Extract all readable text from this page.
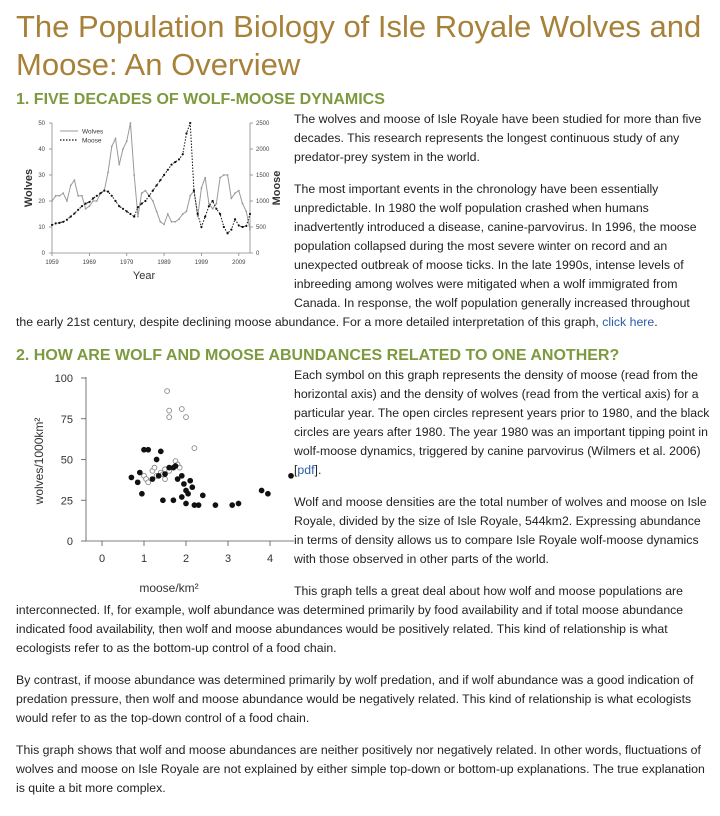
The Population Biology of Isle Royale Wolves and Moose: An Overview
1. FIVE DECADES OF WOLF-MOOSE DYNAMICS
0
10
20
30
40
50
0
500
1000
1500
2000
2500
1959	1969	1979	1989	1999	2009
Wolves
Moose
Wolves	Moose
Year

The wolves and moose of Isle Royale have been studied for more than five decades. This research represents the longest continuous study of any predator-prey system in the world.

The most important events in the chronology have been essentially unpredictable. In 1980 the wolf population crashed when humans inadvertently introduced a disease, canine-parvovirus. In 1996, the moose population collapsed during the most severe winter on record and an unexpected outbreak of moose ticks. In the late 1990s, intense levels of inbreeding among wolves were mitigated when a wolf immigrated from Canada. In response, the wolf population generally increased throughout the early 21st century, despite declining moose abundance. For a more detailed interpretation of this graph, click here.

2. HOW ARE WOLF AND MOOSE ABUNDANCES RELATED TO ONE ANOTHER?
0
25
50
75
100
0	1	2	3	4
wolves/1000km²
moose/km²

Each symbol on this graph represents the density of moose (read from the horizontal axis) and the density of wolves (read from the vertical axis) for a particular year. The open circles represent years prior to 1980, and the black circles are years after 1980. The year 1980 was an important tipping point in wolf-moose dynamics, triggered by canine parvovirus (Wilmers et al. 2006)[pdf].

Wolf and moose densities are the total number of wolves and moose on Isle Royale, divided by the size of Isle Royale, 544km2. Expressing abundance in terms of density allows us to compare Isle Royale wolf-moose dynamics with those observed in other parts of the world.

This graph tells a great deal about how wolf and moose populations are interconnected. If, for example, wolf abundance was determined primarily by food availability and if total moose abundance indicated food availability, then wolf and moose abundances would be positively related. This kind of relationship is what ecologists refer to as the bottom-up control of a food chain.

By contrast, if moose abundance was determined primarily by wolf predation, and if wolf abundance was a good indication of predation pressure, then wolf and moose abundance would be negatively related. This kind of relationship is what ecologists would refer to as the top-down control of a food chain.

This graph shows that wolf and moose abundances are neither positively nor negatively related. In other words, fluctuations of wolves and moose on Isle Royale are not explained by either simple top-down or bottom-up explanations. The true explanation is quite a bit more complex.
